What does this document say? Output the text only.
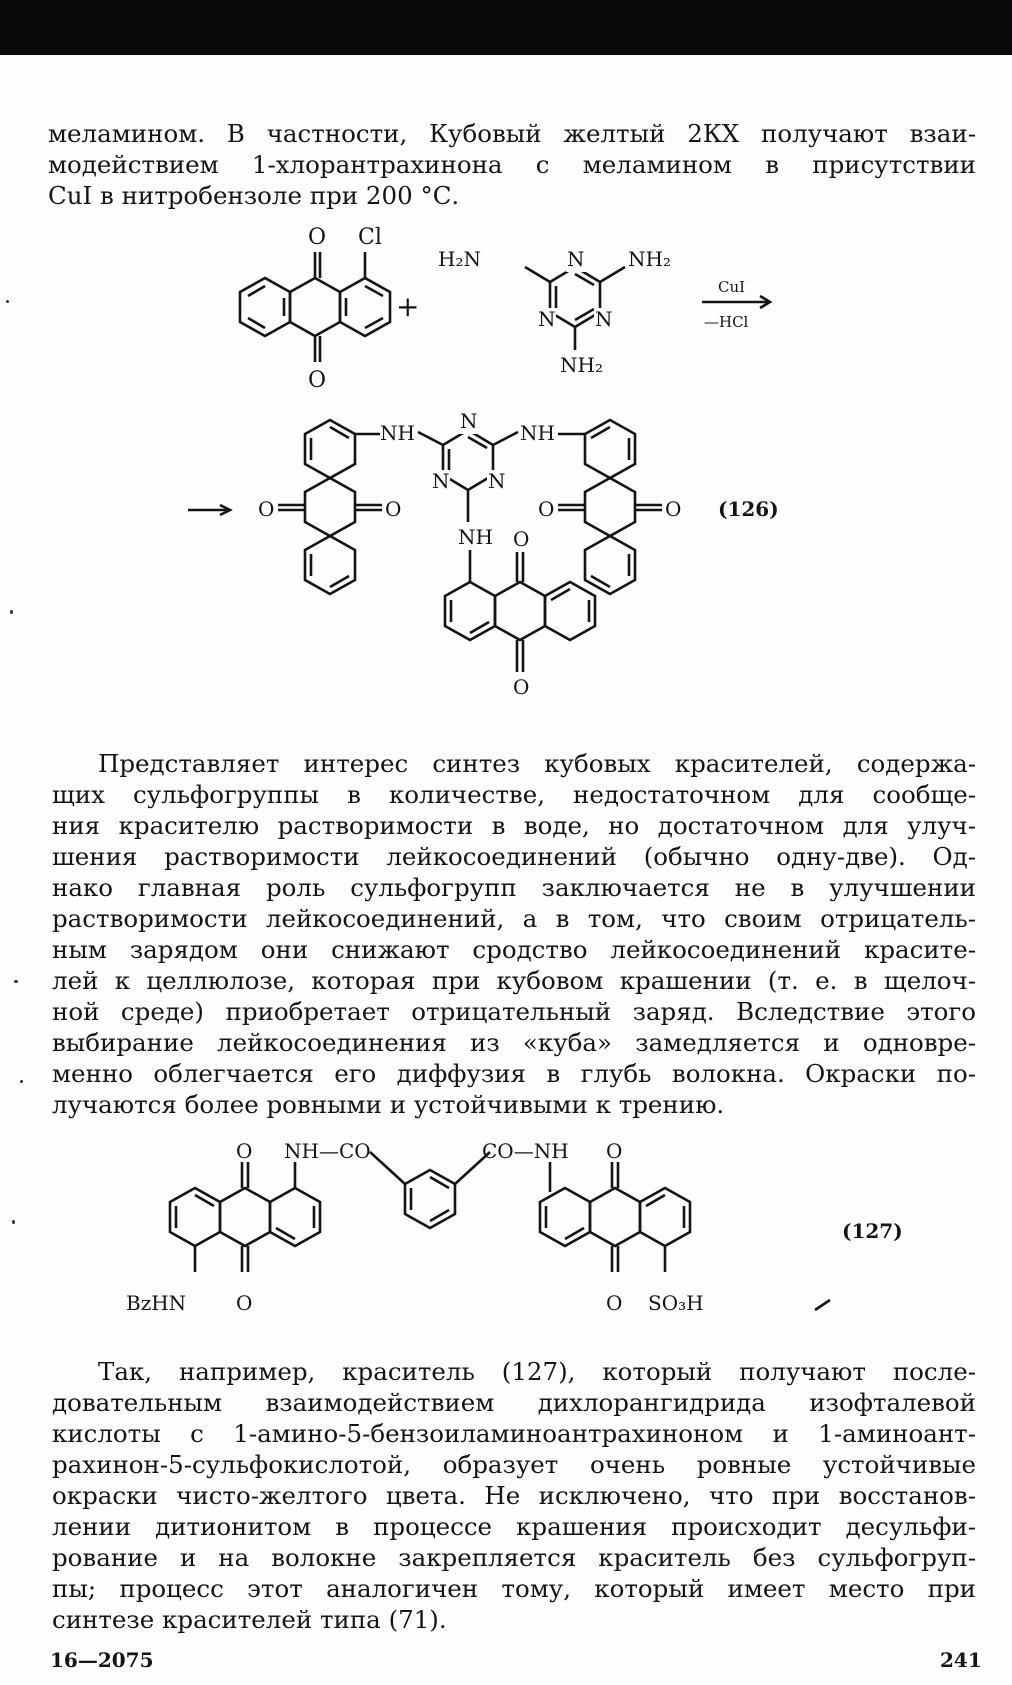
меламином. В частности, Кубовый желтый 2КХ получают взаи-
модействием 1-хлорантрахинона с меламином в присутствии
CuI в нитробензоле при 200 °С.
O Cl
O
+
N
H₂N	NH₂
N N
NH₂
CuI
—HCl
O	O
NH N
N N
NH
O	O (126)
NH O
O
Представляет интерес синтез кубовых красителей, содержа-
щих сульфогруппы в количестве, недостаточном для сообще-
ния красителю растворимости в воде, но достаточном для улуч-
шения растворимости лейкосоединений (обычно одну-две). Од-
нако главная роль сульфогрупп заключается не в улучшении
растворимости лейкосоединений, а в том, что своим отрицатель-
ным зарядом они снижают сродство лейкосоединений красите-
лей к целлюлозе, которая при кубовом крашении (т. е. в щелоч-
ной среде) приобретает отрицательный заряд. Вследствие этого
выбирание лейкосоединения из «куба» замедляется и одновре-
менно облегчается его диффузия в глубь волокна. Окраски по-
лучаются более ровными и устойчивыми к трению.
O
O
BzHN
NH—CO	CO—NH O
O SO₃H
(127)
Так, например, краситель (127), который получают после-
довательным взаимодействием дихлорангидрида изофталевой
кислоты с 1-амино-5-бензоиламиноантрахиноном и 1-аминоант-
рахинон-5-сульфокислотой, образует очень ровные устойчивые
окраски чисто-желтого цвета. Не исключено, что при восстанов-
лении дитионитом в процессе крашения происходит десульфи-
рование и на волокне закрепляется краситель без сульфогруп-
пы; процесс этот аналогичен тому, который имеет место при
синтезе красителей типа (71).
16—2075	241
